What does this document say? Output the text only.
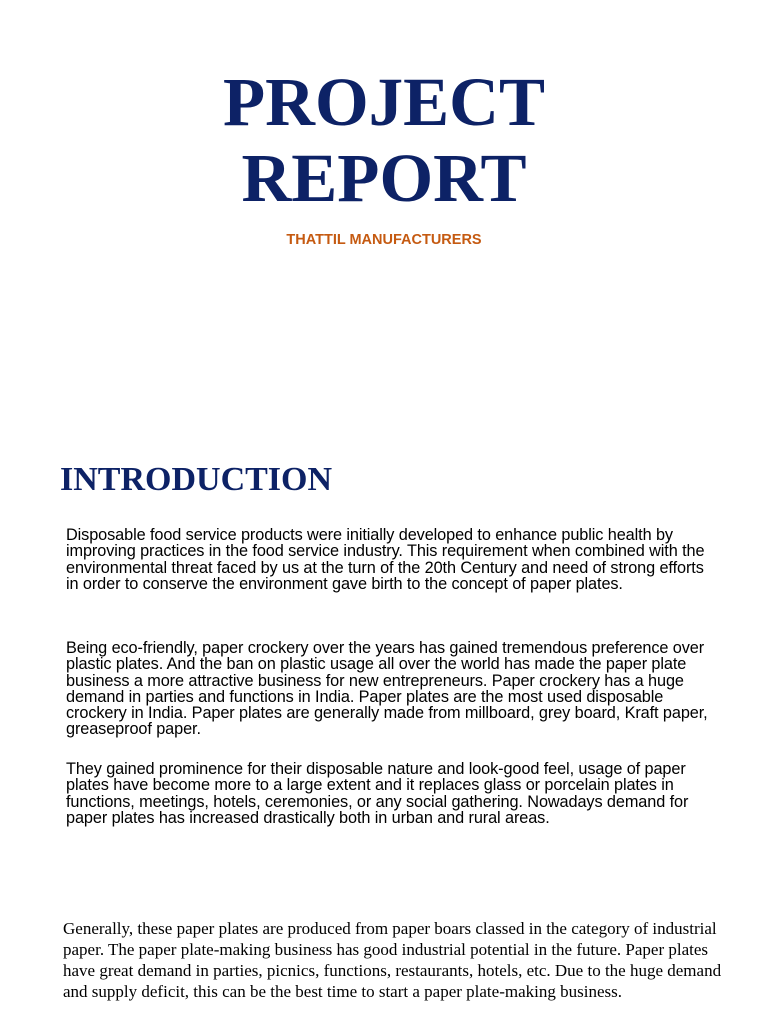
PROJECT
REPORT
THATTIL MANUFACTURERS
INTRODUCTION

Disposable food service products were initially developed to enhance public health by improving practices in the food service industry. This requirement when combined with the environmental threat faced by us at the turn of the 20th Century and need of strong efforts in order to conserve the environment gave birth to the concept of paper plates.

Being eco-friendly, paper crockery over the years has gained tremendous preference over plastic plates. And the ban on plastic usage all over the world has made the paper plate business a more attractive business for new entrepreneurs. Paper crockery has a huge demand in parties and functions in India. Paper plates are the most used disposable crockery in India. Paper plates are generally made from millboard, grey board, Kraft paper, greaseproof paper.

They gained prominence for their disposable nature and look-good feel, usage of paper plates have become more to a large extent and it replaces glass or porcelain plates in functions, meetings, hotels, ceremonies, or any social gathering. Nowadays demand for paper plates has increased drastically both in urban and rural areas.

Generally, these paper plates are produced from paper boars classed in the category of industrial paper. The paper plate-making business has good industrial potential in the future. Paper plates have great demand in parties, picnics, functions, restaurants, hotels, etc. Due to the huge demand and supply deficit, this can be the best time to start a paper plate-making business.
